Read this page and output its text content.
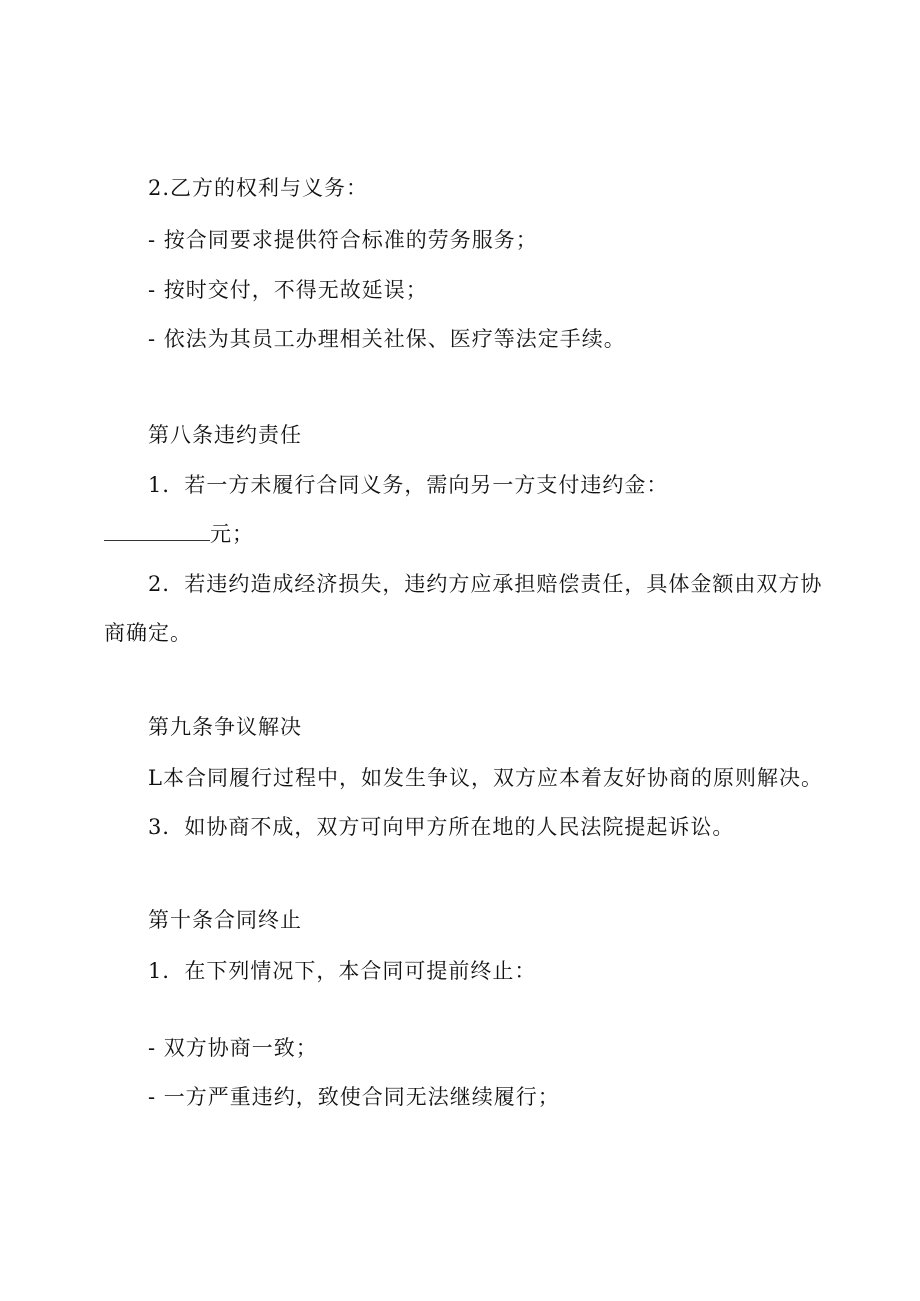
2.乙方的权利与义务：
- 按合同要求提供符合标准的劳务服务；
- 按时交付，不得无故延误；
- 依法为其员工办理相关社保、医疗等法定手续。
第八条违约责任
1．若一方未履行合同义务，需向另一方支付违约金：
元；
2．若违约造成经济损失，违约方应承担赔偿责任，具体金额由双方协
商确定。
第九条争议解决
L本合同履行过程中，如发生争议，双方应本着友好协商的原则解决。
3．如协商不成，双方可向甲方所在地的人民法院提起诉讼。
第十条合同终止
1．在下列情况下，本合同可提前终止：
- 双方协商一致；
- 一方严重违约，致使合同无法继续履行；
